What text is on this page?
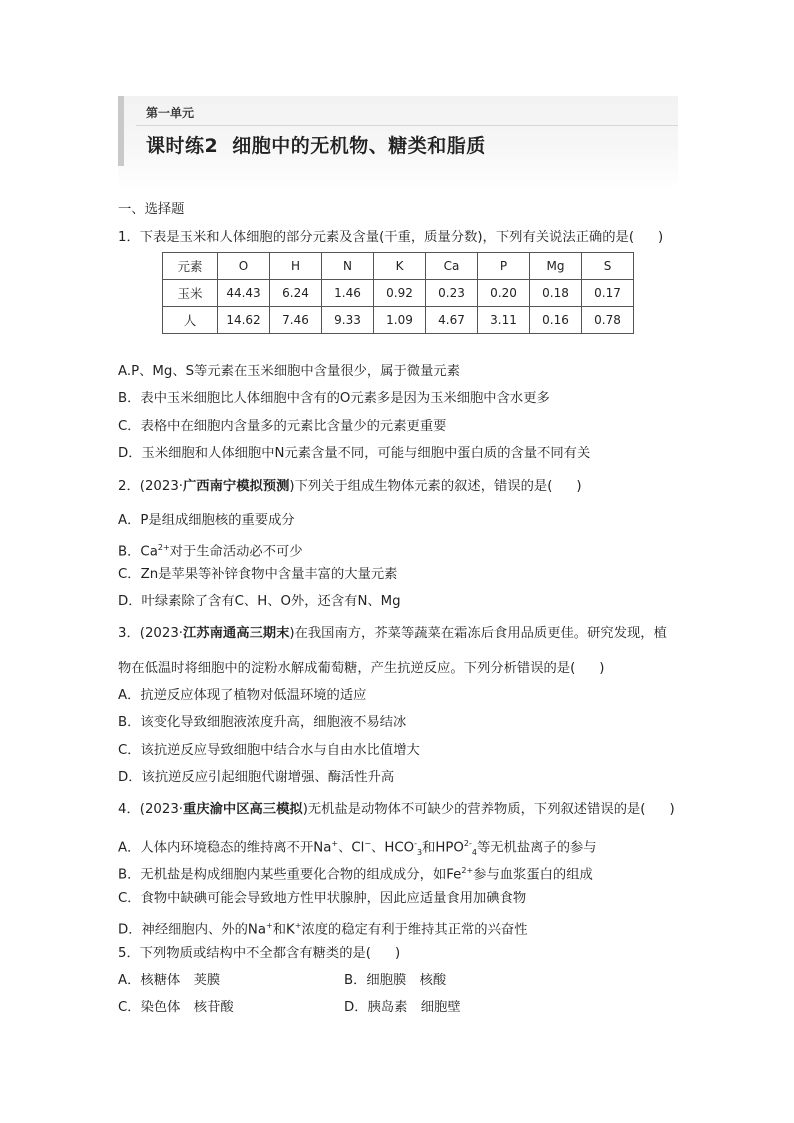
第一单元
课时练2 细胞中的无机物、糖类和脂质
一、选择题
1．下表是玉米和人体细胞的部分元素及含量(干重，质量分数)，下列有关说法正确的是( )
元素	O	H	N	K	Ca	P	Mg	S
玉米	44.43	6.24	1.46	0.92	0.23	0.20	0.18	0.17
人	14.62	7.46	9.33	1.09	4.67	3.11	0.16	0.78
A.P、Mg、S等元素在玉米细胞中含量很少，属于微量元素
B．表中玉米细胞比人体细胞中含有的O元素多是因为玉米细胞中含水更多
C．表格中在细胞内含量多的元素比含量少的元素更重要
D．玉米细胞和人体细胞中N元素含量不同，可能与细胞中蛋白质的含量不同有关
2．(2023·广西南宁模拟预测)下列关于组成生物体元素的叙述，错误的是( )
A．P是组成细胞核的重要成分
B．$Ca^{2+}$对于生命活动必不可少
C．Zn是苹果等补锌食物中含量丰富的大量元素
D．叶绿素除了含有C、H、O外，还含有N、Mg
3．(2023·江苏南通高三期末)在我国南方，芥菜等蔬菜在霜冻后食用品质更佳。研究发现，植
物在低温时将细胞中的淀粉水解成葡萄糖，产生抗逆反应。下列分析错误的是( )
A．抗逆反应体现了植物对低温环境的适应
B．该变化导致细胞液浓度升高，细胞液不易结冰
C．该抗逆反应导致细胞中结合水与自由水比值增大
D．该抗逆反应引起细胞代谢增强、酶活性升高
4．(2023·重庆渝中区高三模拟)无机盐是动物体不可缺少的营养物质，下列叙述错误的是( )
A．人体内环境稳态的维持离不开Na+、Cl−、$HCO^-_3$和$HPO^{2-}_4$等无机盐离子的参与
B．无机盐是构成细胞内某些重要化合物的组成成分，如$Fe^{2+}$参与血浆蛋白的组成
C．食物中缺碘可能会导致地方性甲状腺肿，因此应适量食用加碘食物
D．神经细胞内、外的Na+和K+浓度的稳定有利于维持其正常的兴奋性
5．下列物质或结构中不全都含有糖类的是( )
A．核糖体　荚膜	B．细胞膜　核酸
C．染色体　核苷酸	D．胰岛素　细胞壁
